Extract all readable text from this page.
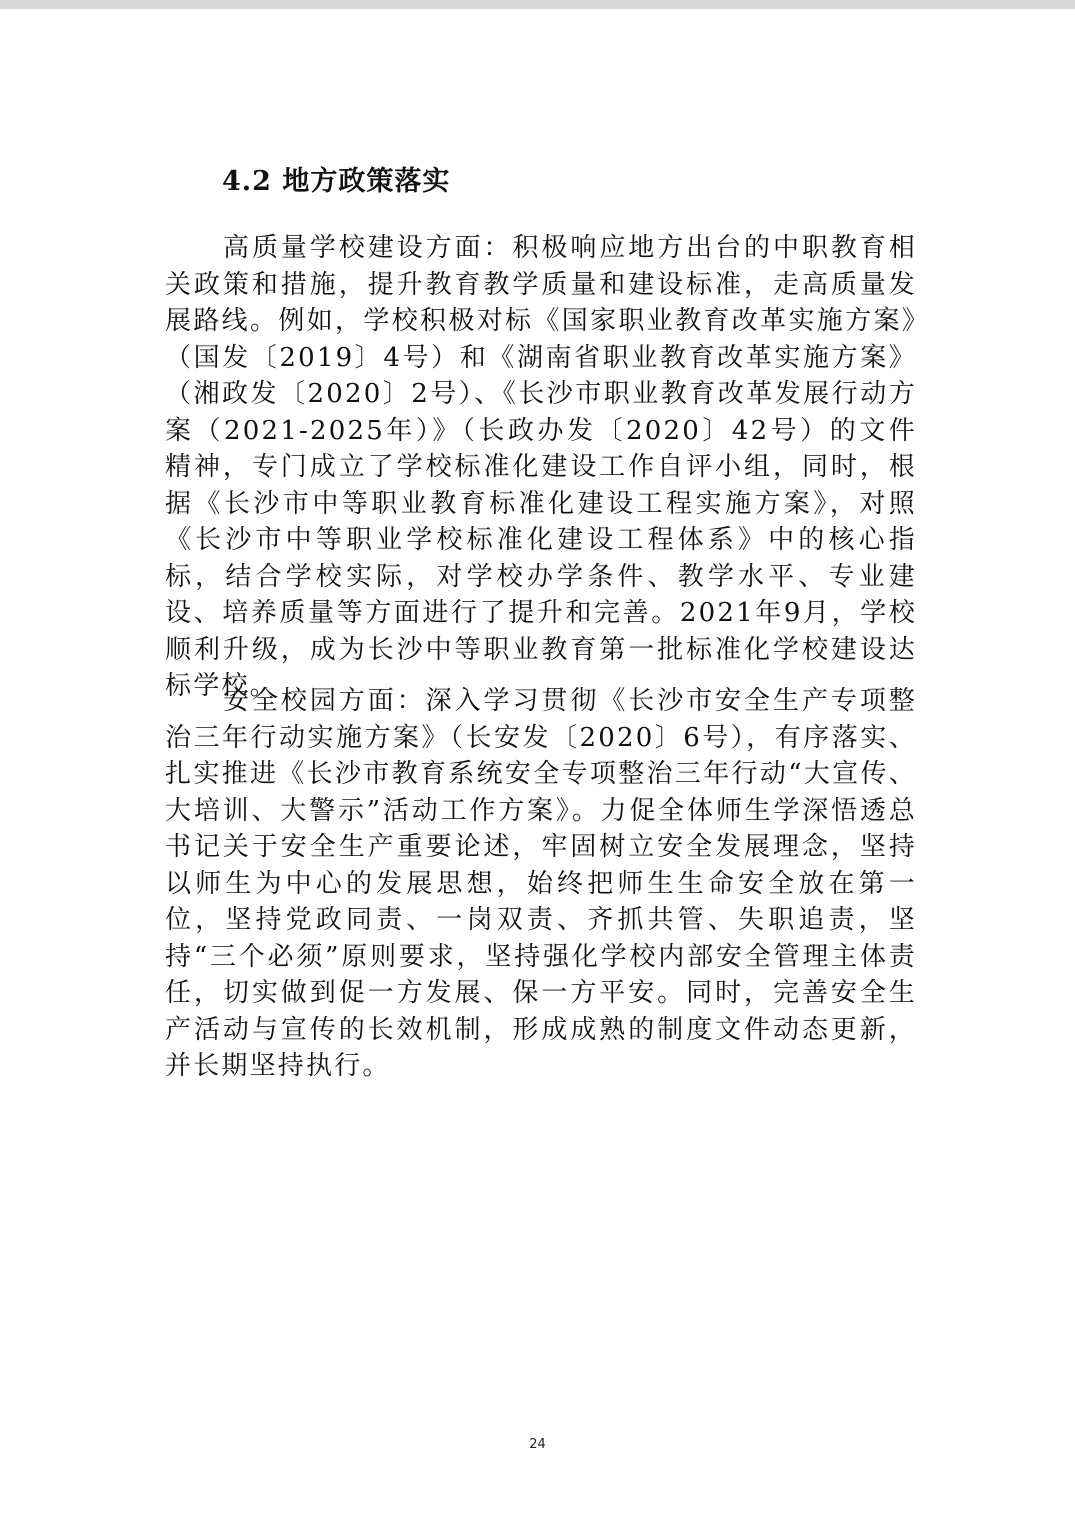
4.2 地方政策落实

高质量学校建设方面：积极响应地方出台的中职教育相关政策和措施，提升教育教学质量和建设标准，走高质量发展路线。例如，学校积极对标《国家职业教育改革实施方案》（国发〔2019〕4号）和《湖南省职业教育改革实施方案》（湘政发〔2020〕2号）、《长沙市职业教育改革发展行动方案（2021-2025年）》（长政办发〔2020〕42号）的文件精神，专门成立了学校标准化建设工作自评小组，同时，根据《长沙市中等职业教育标准化建设工程实施方案》，对照《长沙市中等职业学校标准化建设工程体系》中的核心指标，结合学校实际，对学校办学条件、教学水平、专业建设、培养质量等方面进行了提升和完善。2021年9月，学校顺利升级，成为长沙中等职业教育第一批标准化学校建设达标学校。

安全校园方面：深入学习贯彻《长沙市安全生产专项整治三年行动实施方案》（长安发〔2020〕6号），有序落实、扎实推进《长沙市教育系统安全专项整治三年行动“大宣传、大培训、大警示”活动工作方案》。力促全体师生学深悟透总书记关于安全生产重要论述，牢固树立安全发展理念，坚持以师生为中心的发展思想，始终把师生生命安全放在第一位，坚持党政同责、一岗双责、齐抓共管、失职追责，坚持“三个必须”原则要求，坚持强化学校内部安全管理主体责任，切实做到促一方发展、保一方平安。同时，完善安全生产活动与宣传的长效机制，形成成熟的制度文件动态更新，并长期坚持执行。

24
